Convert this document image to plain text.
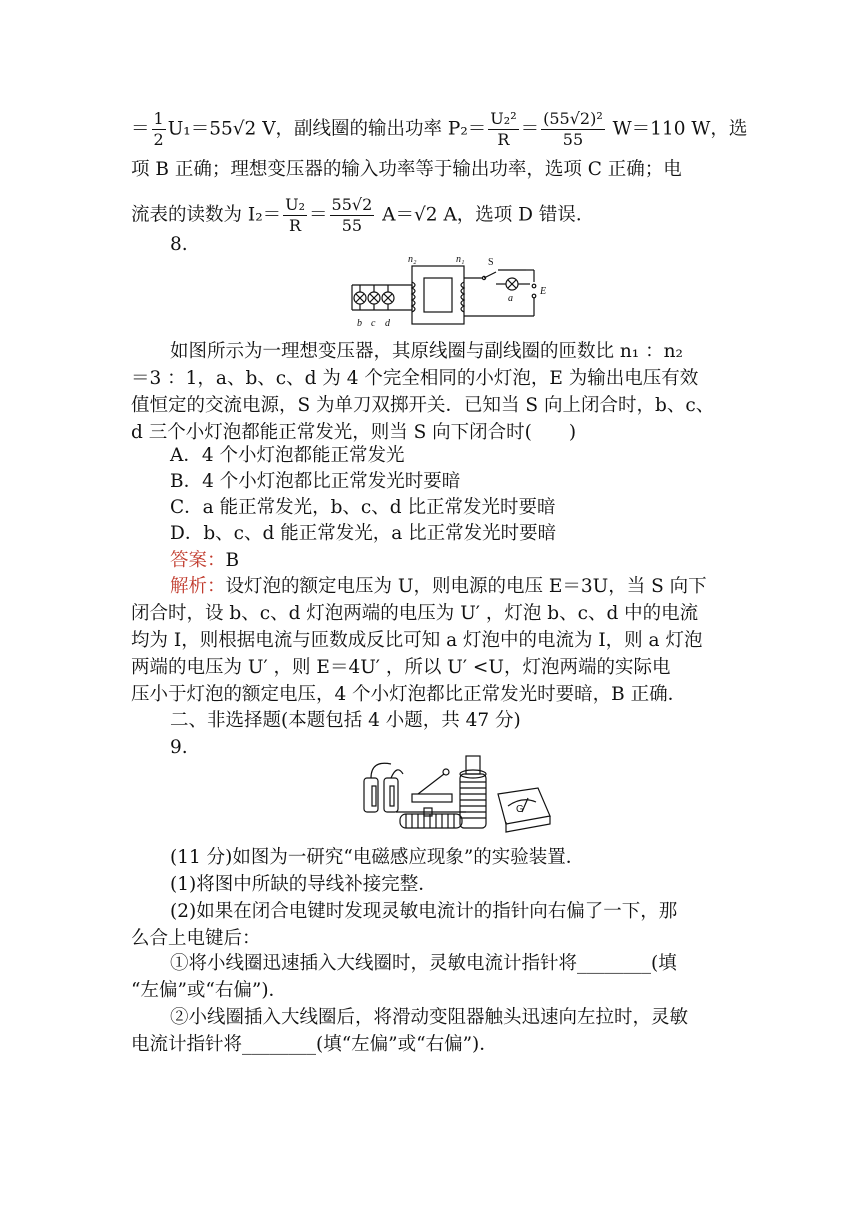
＝ $\frac{1}{2} U_1=55√2$ V，副线圈的输出功率 $P_2= \frac{\text{U₂²}}{R} = \frac{\text{(55√2)²}}{55} W=110$ W，选
项 B 正确；理想变压器的输入功率等于输出功率，选项 C 正确；电
流表的读数为 $I_2= \frac{\text{U₂}}{R} = \frac{55√2}{55} A=√2$ A，选项 D 错误．
8.
n₂	n₁ S
E
a
b c d
如图所示为一理想变压器，其原线圈与副线圈的匝数比 n₁ ：n₂
＝3 ：1，a、b、c、d 为 4 个完全相同的小灯泡，E 为输出电压有效
值恒定的交流电源，S 为单刀双掷开关．已知当 S 向上闭合时，b、c、
d 三个小灯泡都能正常发光，则当 S 向下闭合时(　　)
A．4 个小灯泡都能正常发光
B．4 个小灯泡都比正常发光时要暗
C．a 能正常发光，b、c、d 比正常发光时要暗
D．b、c、d 能正常发光，a 比正常发光时要暗
答案：B
解析：设灯泡的额定电压为 U，则电源的电压 E＝3U，当 S 向下
闭合时，设 b、c、d 灯泡两端的电压为 U′ ，灯泡 b、c、d 中的电流
均为 I，则根据电流与匝数成反比可知 a 灯泡中的电流为 I，则 a 灯泡
两端的电压为 U′ ，则 E＝4U′ ，所以 U′ <U，灯泡两端的实际电
压小于灯泡的额定电压，4 个小灯泡都比正常发光时要暗，B 正确．
二、非选择题(本题包括 4 小题，共 47 分)
9.
G
(11 分)如图为一研究“电磁感应现象”的实验装置．
(1)将图中所缺的导线补接完整．
(2)如果在闭合电键时发现灵敏电流计的指针向右偏了一下，那
么合上电键后：
①将小线圈迅速插入大线圈时，灵敏电流计指针将________(填
“左偏”或“右偏”)．
②小线圈插入大线圈后，将滑动变阻器触头迅速向左拉时，灵敏
电流计指针将________(填“左偏”或“右偏”)．
